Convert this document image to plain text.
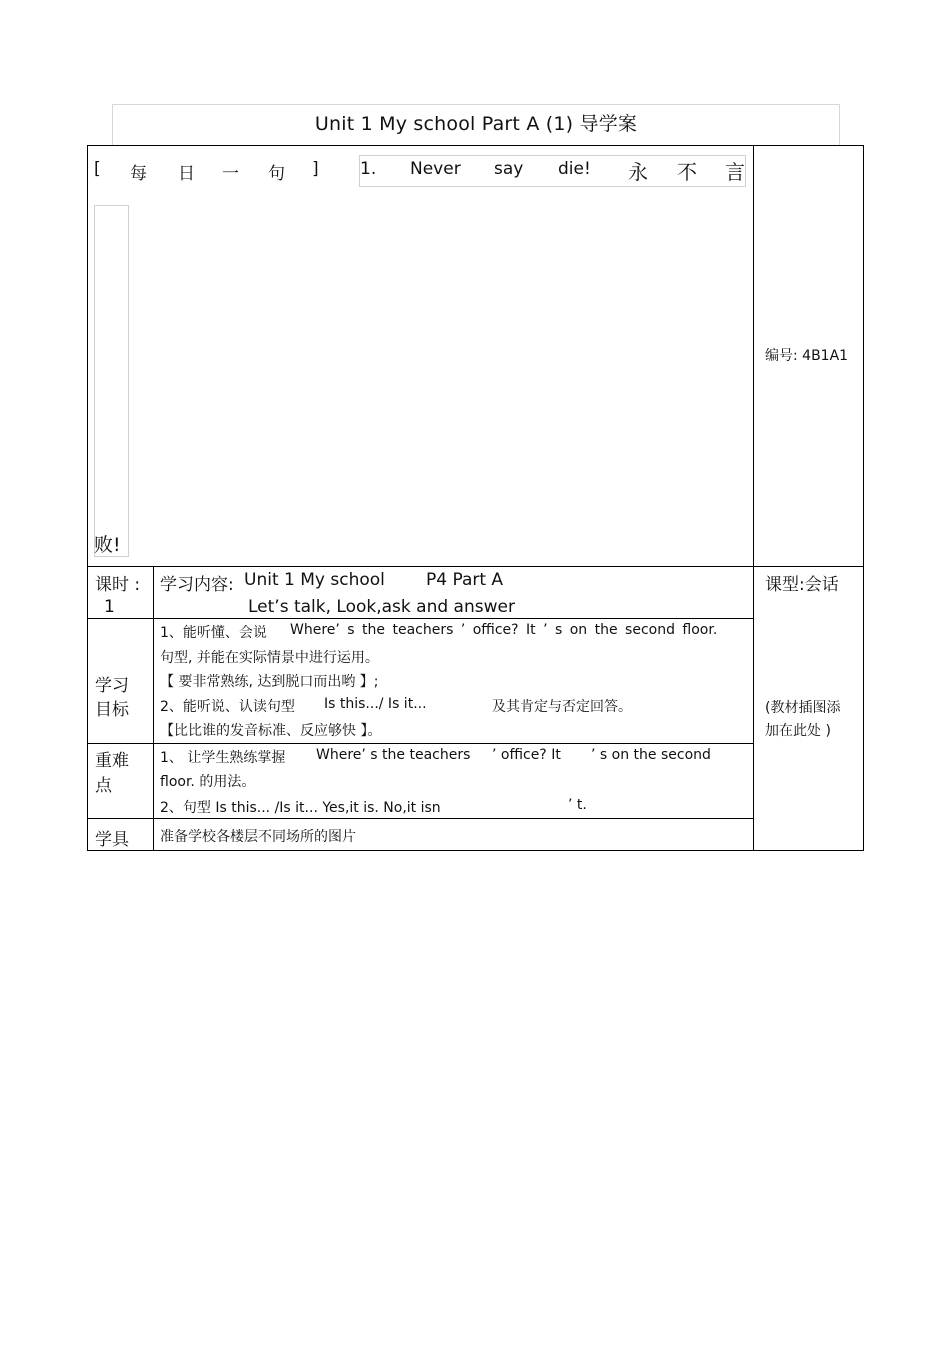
Unit 1 My school Part A (1) 导学案
[ 每 日 一 句 ] 1. Never say die! 永 不 言
败!
编号: 4B1A1
课型:会话
(教材插图添
加在此处 )
课时 :
1
学习内容: Unit 1 My school P4 Part A
Let’s talk, Look,ask and answer
学习
目标
1、能听懂、会说 Where’ s the teachers ’ office? It ’ s on the second floor.
句型, 并能在实际情景中进行运用。
【 要非常熟练, 达到脱口而出哟 】;
2、能听说、认读句型 Is this.../ Is it...	及其肯定与否定回答。
【比比谁的发音标准、反应够快 】。
重难
点
1、 让学生熟练掌握 Where’ s the teachers ’ office? It ’ s on the second
floor. 的用法。
2、句型 Is this... /Is it... Yes,it is. No,it isn	’ t.
学具 准备学校各楼层不同场所的图片
